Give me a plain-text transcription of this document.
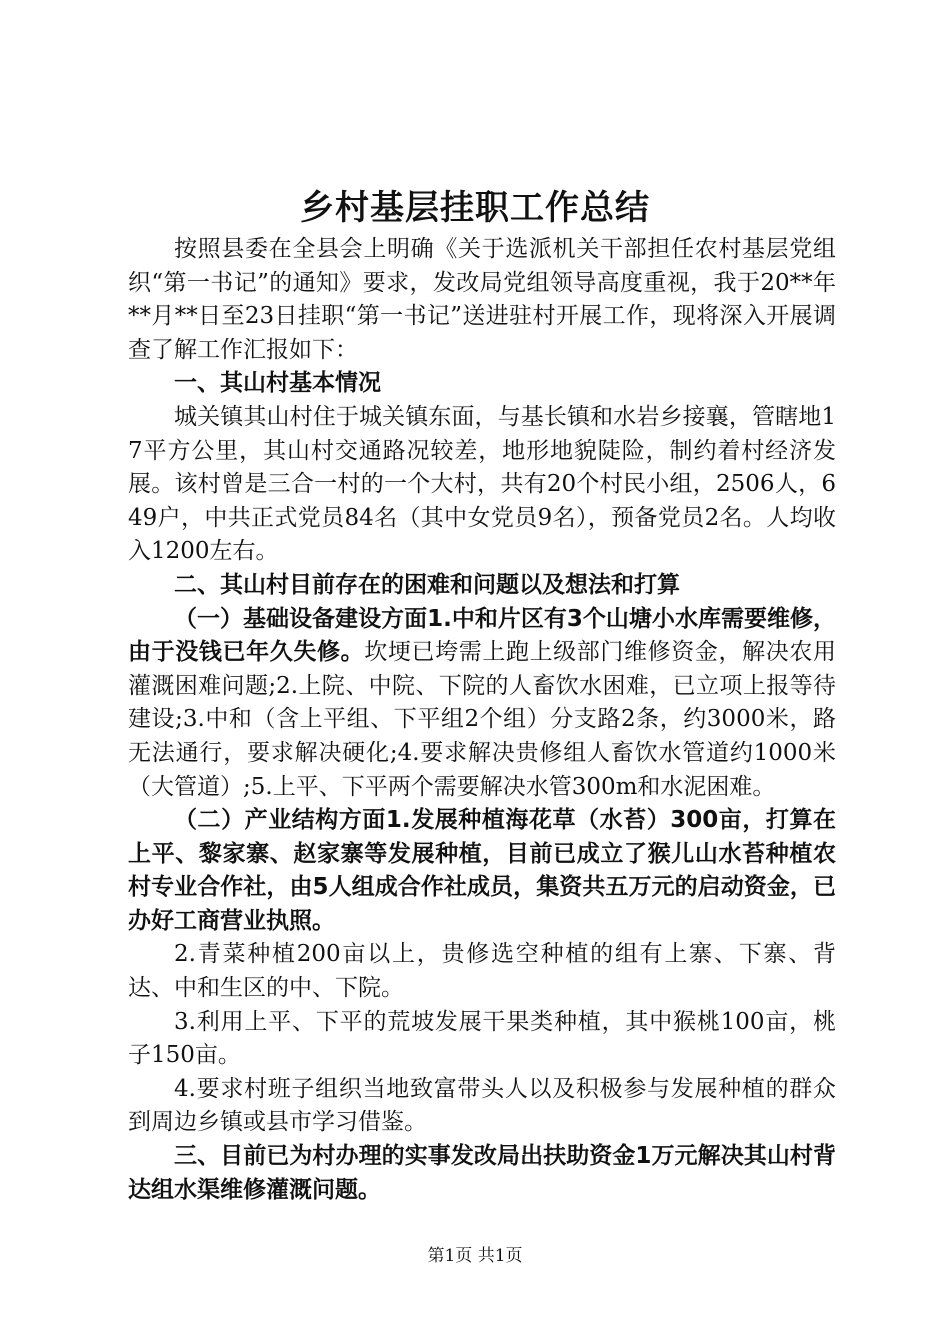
乡村基层挂职工作总结

按照县委在全县会上明确《关于选派机关干部担任农村基层党组织“第一书记”的通知》要求，发改局党组领导高度重视，我于20**年**月**日至23日挂职“第一书记”送进驻村开展工作，现将深入开展调查了解工作汇报如下：

一、其山村基本情况

城关镇其山村住于城关镇东面，与基长镇和水岩乡接襄，管瞎地17平方公里，其山村交通路况较差，地形地貌陡险，制约着村经济发展。该村曾是三合一村的一个大村，共有20个村民小组，2506人，649户，中共正式党员84名（其中女党员9名），预备党员2名。人均收入1200左右。

二、其山村目前存在的困难和问题以及想法和打算

（一）基础设备建设方面1.中和片区有3个山塘小水库需要维修，由于没钱已年久失修。坎埂已垮需上跑上级部门维修资金，解决农用灌溉困难问题;2.上院、中院、下院的人畜饮水困难，已立项上报等待建设;3.中和（含上平组、下平组2个组）分支路2条，约3000米，路无法通行，要求解决硬化;4.要求解决贵修组人畜饮水管道约1000米（大管道）;5.上平、下平两个需要解决水管300m和水泥困难。

（二）产业结构方面1.发展种植海花草（水苔）300亩，打算在上平、黎家寨、赵家寨等发展种植，目前已成立了猴儿山水苔种植农村专业合作社，由5人组成合作社成员，集资共五万元的启动资金，已办好工商营业执照。

2.青菜种植200亩以上，贵修选空种植的组有上寨、下寨、背达、中和生区的中、下院。

3.利用上平、下平的荒坡发展干果类种植，其中猴桃100亩，桃子150亩。

4.要求村班子组织当地致富带头人以及积极参与发展种植的群众到周边乡镇或县市学习借鉴。

三、目前已为村办理的实事发改局出扶助资金1万元解决其山村背达组水渠维修灌溉问题。

第1页 共1页
